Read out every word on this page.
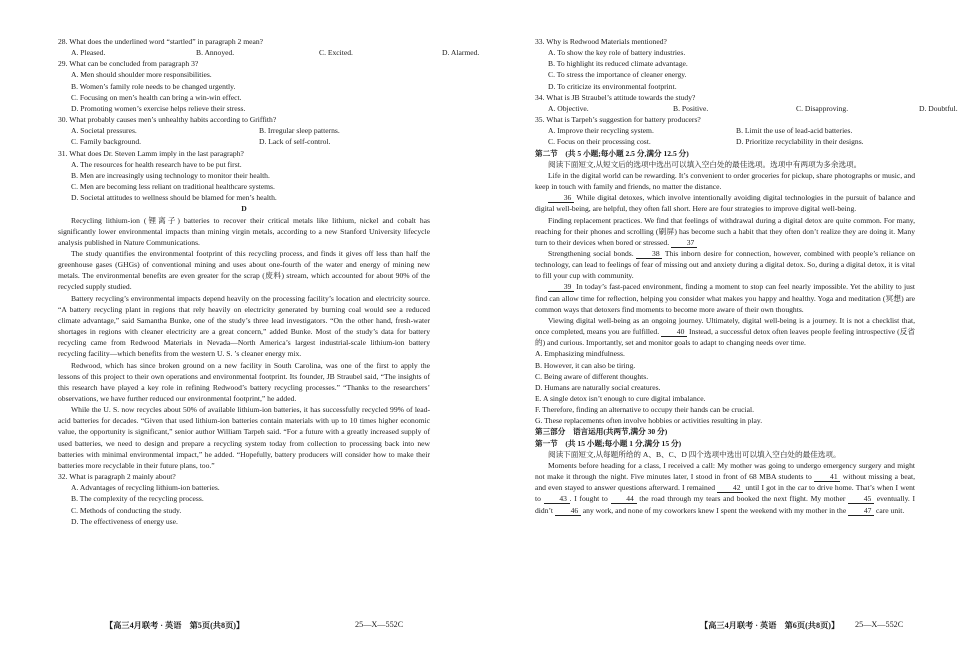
28. What does the underlined word “startled” in paragraph 2 mean?

A. Pleased.	B. Annoyed.	C. Excited.	D. Alarmed.

29. What can be concluded from paragraph 3?

A. Men should shoulder more responsibilities.

B. Women’s family role needs to be changed urgently.

C. Focusing on men’s health can bring a win-win effect.

D. Promoting women’s exercise helps relieve their stress.

30. What probably causes men’s unhealthy habits according to Griffith?

A. Societal pressures.	B. Irregular sleep patterns.
C. Family background.	D. Lack of self-control.

31. What does Dr. Steven Lamm imply in the last paragraph?

A. The resources for health research have to be put first.

B. Men are increasingly using technology to monitor their health.

C. Men are becoming less reliant on traditional healthcare systems.

D. Societal attitudes to wellness should be blamed for men’s health.

D

Recycling lithium-ion (锂离子) batteries to recover their critical metals like lithium, nickel and cobalt has significantly lower environmental impacts than mining virgin metals, according to a new Stanford University lifecycle analysis published in Nature Communications.

The study quantifies the environmental footprint of this recycling process, and finds it gives off less than half the greenhouse gases (GHGs) of conventional mining and uses about one-fourth of the water and energy of mining new metals. The environmental benefits are even greater for the scrap (废料) stream, which accounted for about 90% of the recycled supply studied.

Battery recycling’s environmental impacts depend heavily on the processing facility’s location and electricity source. “A battery recycling plant in regions that rely heavily on electricity generated by burning coal would see a reduced climate advantage,” said Samantha Bunke, one of the study’s three lead investigators. “On the other hand, fresh-water shortages in regions with cleaner electricity are a great concern,” added Bunke. Most of the study’s data for battery recycling came from Redwood Materials in Nevada—North America’s largest industrial-scale lithium-ion battery recycling facility—which benefits from the western U. S. ’s cleaner energy mix.

Redwood, which has since broken ground on a new facility in South Carolina, was one of the first to apply the lessons of this project to their own operations and environmental footprint. Its founder, JB Straubel said, “The insights of this research have played a key role in refining Redwood’s battery recycling processes.” “Thanks to the researchers’ observations, we have further reduced our environmental footprint,” he added.

While the U. S. now recycles about 50% of available lithium-ion batteries, it has successfully recycled 99% of lead-acid batteries for decades. “Given that used lithium-ion batteries contain materials with up to 10 times higher economic value, the opportunity is significant,” senior author William Tarpeh said. “For a future with a greatly increased supply of used batteries, we need to design and prepare a recycling system today from collection to processing back into new batteries with minimal environmental impact,” he added. “Hopefully, battery producers will consider how to make their batteries more recyclable in their future plans, too.”

32. What is paragraph 2 mainly about?

A. Advantages of recycling lithium-ion batteries.

B. The complexity of the recycling process.

C. Methods of conducting the study.

D. The effectiveness of energy use.

【高三4月联考 · 英语　第5页(共8页)】	25—X—552C

33. Why is Redwood Materials mentioned?

A. To show the key role of battery industries.

B. To highlight its reduced climate advantage.

C. To stress the importance of cleaner energy.

D. To criticize its environmental footprint.

34. What is JB Straubel’s attitude towards the study?

A. Objective.	B. Positive.	C. Disapproving.	D. Doubtful.

35. What is Tarpeh’s suggestion for battery producers?

A. Improve their recycling system.	B. Limit the use of lead-acid batteries.
C. Focus on their processing cost.	D. Prioritize recyclability in their designs.

第二节　(共 5 小题;每小题 2.5 分,满分 12.5 分)

阅读下面短文,从短文后的选项中选出可以填入空白处的最佳选项。选项中有两项为多余选项。

Life in the digital world can be rewarding. It’s convenient to order groceries for pickup, share photographs or music, and keep in touch with family and friends, no matter the distance.

36 While digital detoxes, which involve intentionally avoiding digital technologies in the pursuit of balance and digital well-being, are helpful, they often fall short. Here are four strategies to improve digital well-being.

Finding replacement practices. We find that feelings of withdrawal during a digital detox are quite common. For many, reaching for their phones and scrolling (刷屏) has become such a habit that they often don’t realize they are doing it. Many turn to their devices when bored or stressed. 37

Strengthening social bonds. 38 This inborn desire for connection, however, combined with people’s reliance on technology, can lead to feelings of fear of missing out and anxiety during a digital detox. So, during a digital detox, it is vital to fill your cup with community.

39 In today’s fast-paced environment, finding a moment to stop can feel nearly impossible. Yet the ability to just find can allow time for reflection, helping you consider what makes you happy and healthy. Yoga and meditation (冥想) are common ways that detoxers find moments to become more aware of their own thoughts.

Viewing digital well-being as an ongoing journey. Ultimately, digital well-being is a journey. It is not a checklist that, once completed, means you are fulfilled. 40 Instead, a successful detox often leaves people feeling introspective (反省的) and curious. Importantly, set and monitor goals to adapt to changing needs over time.

A. Emphasizing mindfulness.

B. However, it can also be tiring.

C. Being aware of different thoughts.

D. Humans are naturally social creatures.

E. A single detox isn’t enough to cure digital imbalance.

F. Therefore, finding an alternative to occupy their hands can be crucial.

G. These replacements often involve hobbies or activities resulting in play.

第三部分　语言运用(共两节,满分 30 分)

第一节　(共 15 小题;每小题 1 分,满分 15 分)

阅读下面短文,从每题所给的 A、B、C、D 四个选项中选出可以填入空白处的最佳选项。

Moments before heading for a class, I received a call: My mother was going to undergo emergency surgery and might not make it through the night. Five minutes later, I stood in front of 68 MBA students to 41 without missing a beat, and even stayed to answer questions afterward. I remained 42 until I got in the car to drive home. That’s when I went to 43 . I fought to 44 the road through my tears and booked the next flight. My mother 45 eventually. I didn’t 46 any work, and none of my coworkers knew I spent the weekend with my mother in the 47 care unit.

【高三4月联考 · 英语　第6页(共8页)】 25—X—552C
